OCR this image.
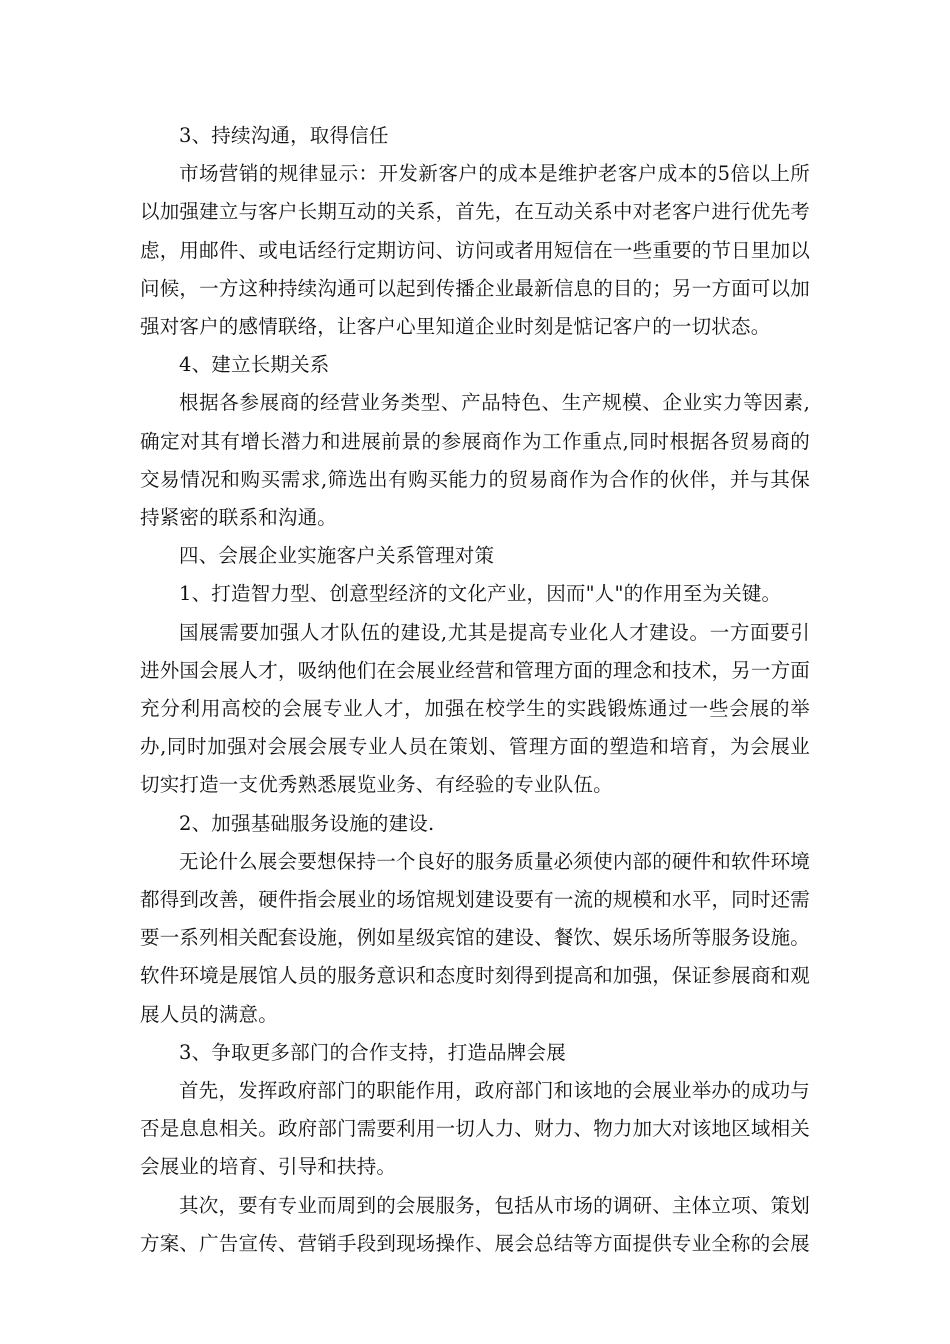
3、持续沟通，取得信任

市场营销的规律显示：开发新客户的成本是维护老客户成本的5倍以上所以加强建立与客户长期互动的关系，首先，在互动关系中对老客户进行优先考虑，用邮件、或电话经行定期访问、访问或者用短信在一些重要的节日里加以问候，一方这种持续沟通可以起到传播企业最新信息的目的；另一方面可以加强对客户的感情联络，让客户心里知道企业时刻是惦记客户的一切状态。

4、建立长期关系

根据各参展商的经营业务类型、产品特色、生产规模、企业实力等因素,确定对其有增长潜力和进展前景的参展商作为工作重点,同时根据各贸易商的交易情况和购买需求,筛选出有购买能力的贸易商作为合作的伙伴，并与其保持紧密的联系和沟通。

四、会展企业实施客户关系管理对策

1、打造智力型、创意型经济的文化产业，因而"人"的作用至为关键。

国展需要加强人才队伍的建设,尤其是提高专业化人才建设。一方面要引进外国会展人才，吸纳他们在会展业经营和管理方面的理念和技术，另一方面充分利用高校的会展专业人才，加强在校学生的实践锻炼通过一些会展的举办,同时加强对会展会展专业人员在策划、管理方面的塑造和培育，为会展业切实打造一支优秀熟悉展览业务、有经验的专业队伍。

2、加强基础服务设施的建设.

无论什么展会要想保持一个良好的服务质量必须使内部的硬件和软件环境都得到改善，硬件指会展业的场馆规划建设要有一流的规模和水平，同时还需要一系列相关配套设施，例如星级宾馆的建设、餐饮、娱乐场所等服务设施。软件环境是展馆人员的服务意识和态度时刻得到提高和加强，保证参展商和观展人员的满意。

3、争取更多部门的合作支持，打造品牌会展

首先，发挥政府部门的职能作用，政府部门和该地的会展业举办的成功与否是息息相关。政府部门需要利用一切人力、财力、物力加大对该地区域相关会展业的培育、引导和扶持。

其次，要有专业而周到的会展服务，包括从市场的调研、主体立项、策划方案、广告宣传、营销手段到现场操作、展会总结等方面提供专业全称的会展
